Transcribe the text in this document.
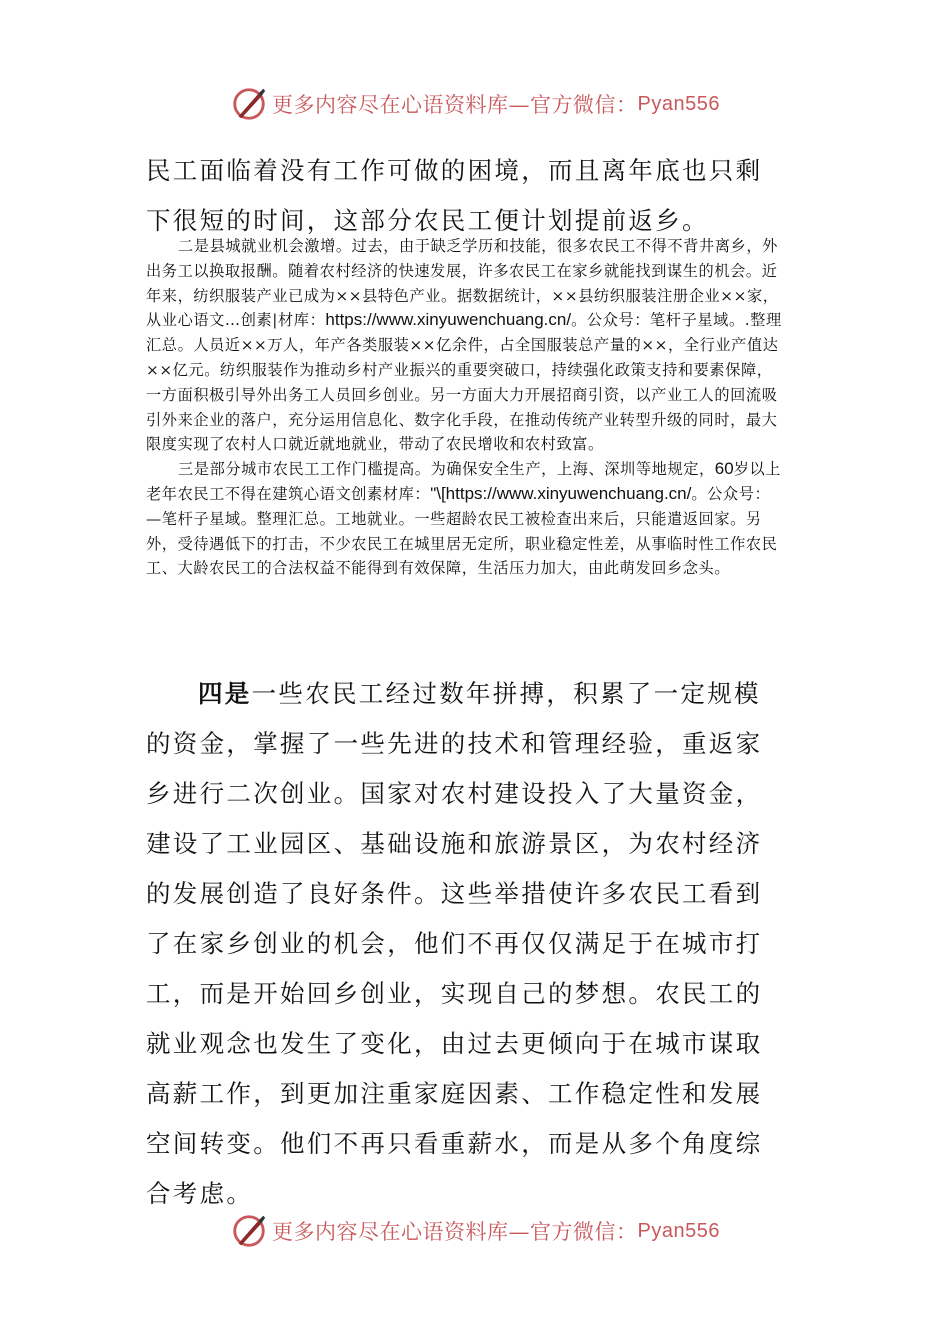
更多内容尽在心语资料库—官方微信： Pyan556

民工面临着没有工作可做的困境，而且离年底也只剩下很短的时间，这部分农民工便计划提前返乡。

二是县城就业机会激增。过去，由于缺乏学历和技能，很多农民工不得不背井离乡，外出务工以换取报酬。随着农村经济的快速发展，许多农民工在家乡就能找到谋生的机会。近年来，纺织服装产业已成为××县特色产业。据数据统计，××县纺织服装注册企业××家，从业心语文…创素|材库：https://www.xinyuwenchuang.cn/。公众号：笔杆子星域。.整理汇总。人员近××万人，年产各类服装××亿余件，占全国服装总产量的××，全行业产值达××亿元。纺织服装作为推动乡村产业振兴的重要突破口，持续强化政策支持和要素保障，一方面积极引导外出务工人员回乡创业。另一方面大力开展招商引资，以产业工人的回流吸引外来企业的落户，充分运用信息化、数字化手段，在推动传统产业转型升级的同时，最大限度实现了农村人口就近就地就业，带动了农民增收和农村致富。

三是部分城市农民工工作门槛提高。为确保安全生产，上海、深圳等地规定，60岁以上老年农民工不得在建筑心语文创素材库："\[https://www.xinyuwenchuang.cn/。公众号：—笔杆子星域。整理汇总。工地就业。一些超龄农民工被检查出来后，只能遣返回家。另外，受待遇低下的打击，不少农民工在城里居无定所，职业稳定性差，从事临时性工作农民工、大龄农民工的合法权益不能得到有效保障，生活压力加大，由此萌发回乡念头。

四是一些农民工经过数年拼搏，积累了一定规模的资金，掌握了一些先进的技术和管理经验，重返家乡进行二次创业。国家对农村建设投入了大量资金，建设了工业园区、基础设施和旅游景区，为农村经济的发展创造了良好条件。这些举措使许多农民工看到了在家乡创业的机会，他们不再仅仅满足于在城市打工，而是开始回乡创业，实现自己的梦想。农民工的就业观念也发生了变化，由过去更倾向于在城市谋取高薪工作，到更加注重家庭因素、工作稳定性和发展空间转变。他们不再只看重薪水，而是从多个角度综合考虑。

更多内容尽在心语资料库—官方微信： Pyan556
